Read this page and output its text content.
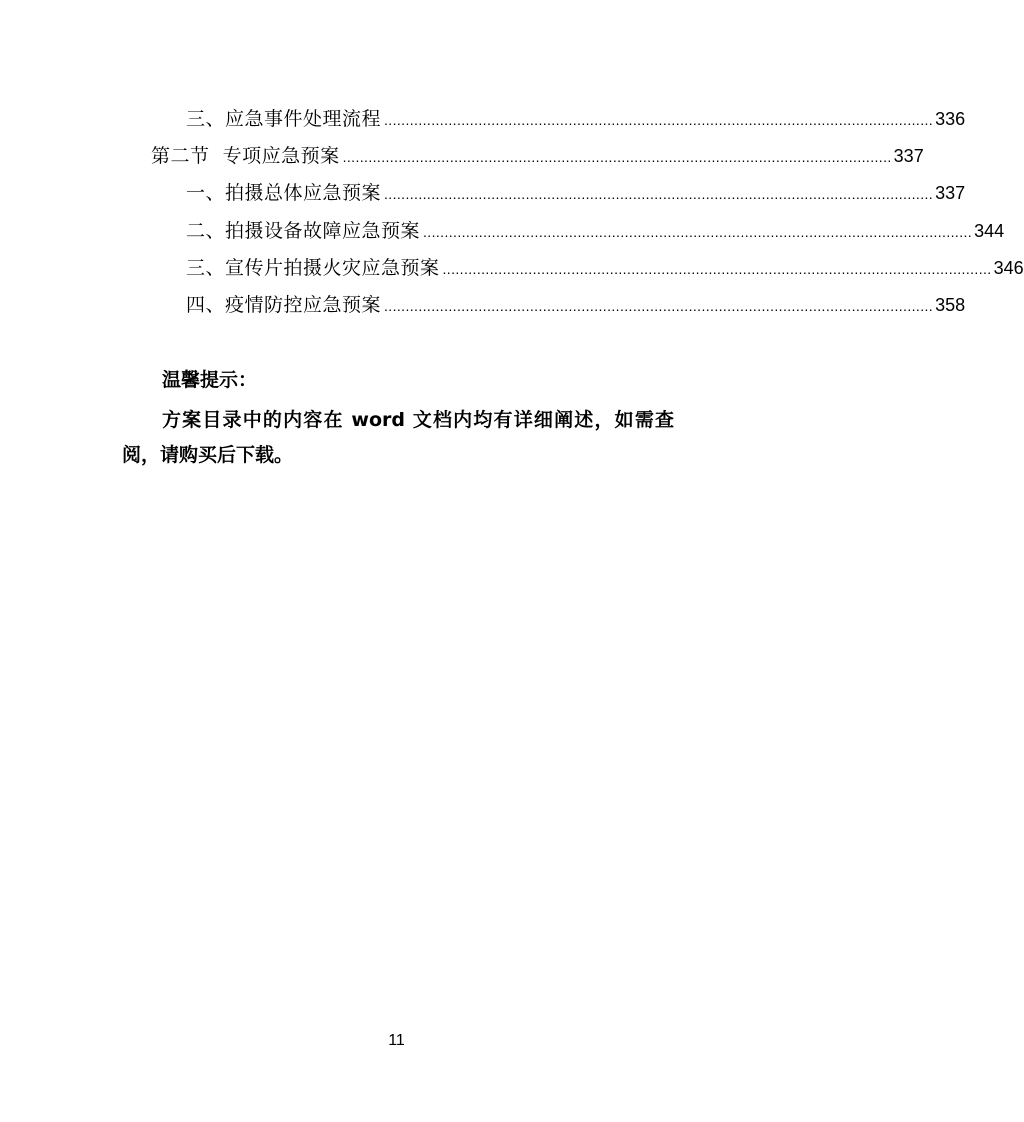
三、应急事件处理流程 ................................................................................................................................ 336
第二节  专项应急预案 ................................................................................................................................ 337
一、拍摄总体应急预案 ................................................................................................................................ 337
二、拍摄设备故障应急预案 ................................................................................................................................ 344
三、宣传片拍摄火灾应急预案 ................................................................................................................................ 346
四、疫情防控应急预案 ................................................................................................................................ 358
温馨提示：
方案目录中的内容在 word 文档内均有详细阐述，如需查阅，请购买后下载。
11
